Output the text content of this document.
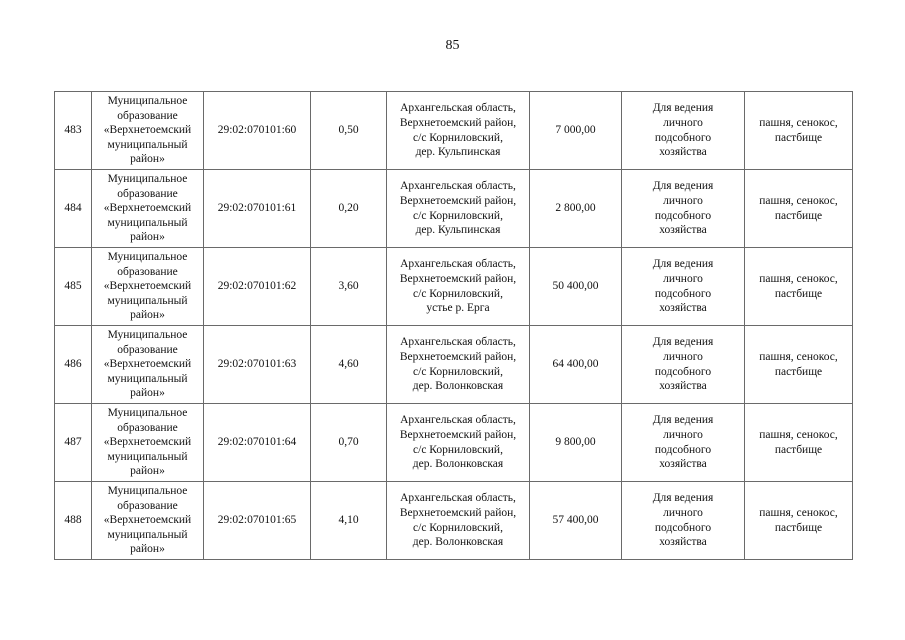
85
483	Муниципальное
образование
«Верхнетоемский
муниципальный
район»	29:02:070101:60	0,50	Архангельская область,
Верхнетоемский район,
с/с Корниловский,
дер. Кульпинская	7 000,00	Для ведения
личного
подсобного
хозяйства	пашня, сенокос,
пастбище
484	Муниципальное
образование
«Верхнетоемский
муниципальный
район»	29:02:070101:61	0,20	Архангельская область,
Верхнетоемский район,
с/с Корниловский,
дер. Кульпинская	2 800,00	Для ведения
личного
подсобного
хозяйства	пашня, сенокос,
пастбище
485	Муниципальное
образование
«Верхнетоемский
муниципальный
район»	29:02:070101:62	3,60	Архангельская область,
Верхнетоемский район,
с/с Корниловский,
устье р. Ерга	50 400,00	Для ведения
личного
подсобного
хозяйства	пашня, сенокос,
пастбище
486	Муниципальное
образование
«Верхнетоемский
муниципальный
район»	29:02:070101:63	4,60	Архангельская область,
Верхнетоемский район,
с/с Корниловский,
дер. Волонковская	64 400,00	Для ведения
личного
подсобного
хозяйства	пашня, сенокос,
пастбище
487	Муниципальное
образование
«Верхнетоемский
муниципальный
район»	29:02:070101:64	0,70	Архангельская область,
Верхнетоемский район,
с/с Корниловский,
дер. Волонковская	9 800,00	Для ведения
личного
подсобного
хозяйства	пашня, сенокос,
пастбище
488	Муниципальное
образование
«Верхнетоемский
муниципальный
район»	29:02:070101:65	4,10	Архангельская область,
Верхнетоемский район,
с/с Корниловский,
дер. Волонковская	57 400,00	Для ведения
личного
подсобного
хозяйства	пашня, сенокос,
пастбище
